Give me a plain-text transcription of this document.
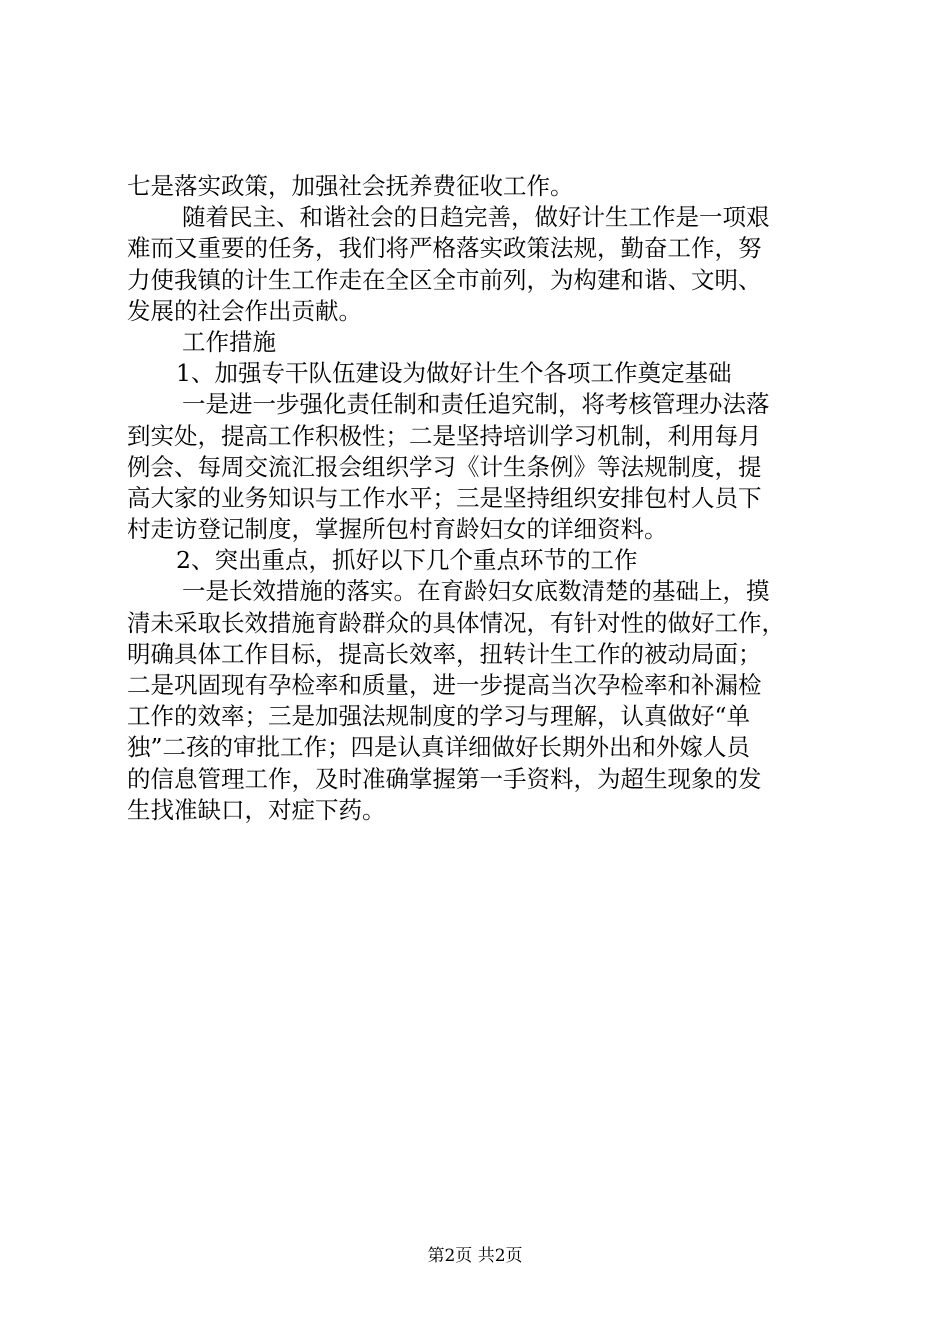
七是落实政策，加强社会抚养费征收工作。
随着民主、和谐社会的日趋完善，做好计生工作是一项艰
难而又重要的任务，我们将严格落实政策法规，勤奋工作，努
力使我镇的计生工作走在全区全市前列，为构建和谐、文明、
发展的社会作出贡献。
工作措施
1、加强专干队伍建设为做好计生个各项工作奠定基础
一是进一步强化责任制和责任追究制，将考核管理办法落
到实处，提高工作积极性；二是坚持培训学习机制，利用每月
例会、每周交流汇报会组织学习《计生条例》等法规制度，提
高大家的业务知识与工作水平；三是坚持组织安排包村人员下
村走访登记制度，掌握所包村育龄妇女的详细资料。
2、突出重点，抓好以下几个重点环节的工作
一是长效措施的落实。在育龄妇女底数清楚的基础上，摸
清未采取长效措施育龄群众的具体情况，有针对性的做好工作，
明确具体工作目标，提高长效率，扭转计生工作的被动局面；
二是巩固现有孕检率和质量，进一步提高当次孕检率和补漏检
工作的效率；三是加强法规制度的学习与理解，认真做好“单
独”二孩的审批工作；四是认真详细做好长期外出和外嫁人员
的信息管理工作，及时准确掌握第一手资料，为超生现象的发
生找准缺口，对症下药。
第2页 共2页
